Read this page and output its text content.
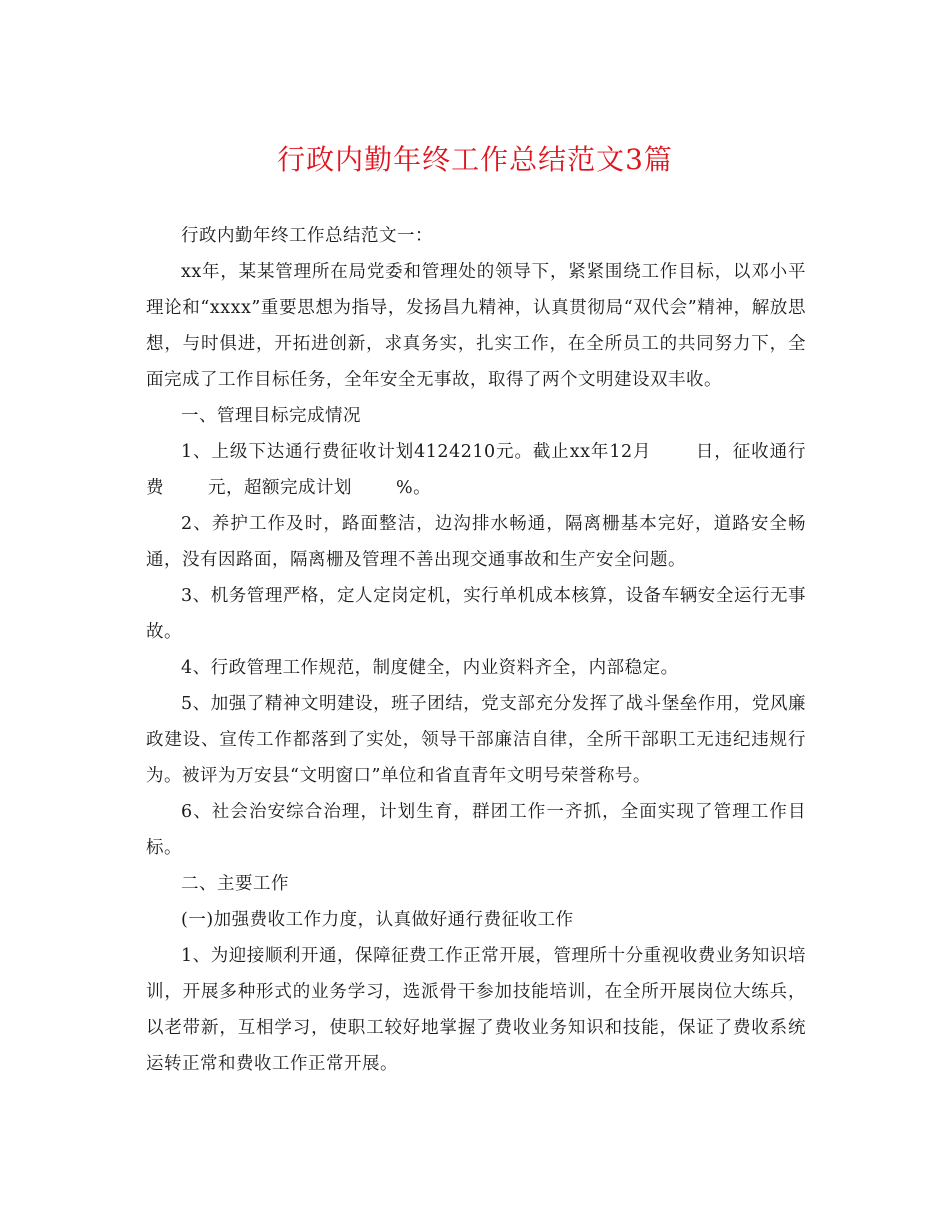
行政内勤年终工作总结范文3篇

行政内勤年终工作总结范文一：

xx年，某某管理所在局党委和管理处的领导下，紧紧围绕工作目标，以邓小平理论和“xxxx”重要思想为指导，发扬昌九精神，认真贯彻局“双代会”精神，解放思想，与时俱进，开拓进创新，求真务实，扎实工作，在全所员工的共同努力下，全面完成了工作目标任务，全年安全无事故，取得了两个文明建设双丰收。

一、管理目标完成情况

1、上级下达通行费征收计划4124210元。截止xx年12月	日，征收通行费	元，超额完成计划	%。

2、养护工作及时，路面整洁，边沟排水畅通，隔离栅基本完好，道路安全畅通，没有因路面，隔离栅及管理不善出现交通事故和生产安全问题。

3、机务管理严格，定人定岗定机，实行单机成本核算，设备车辆安全运行无事故。

4、行政管理工作规范，制度健全，内业资料齐全，内部稳定。

5、加强了精神文明建设，班子团结，党支部充分发挥了战斗堡垒作用，党风廉政建设、宣传工作都落到了实处，领导干部廉洁自律，全所干部职工无违纪违规行为。被评为万安县“文明窗口”单位和省直青年文明号荣誉称号。

6、社会治安综合治理，计划生育，群团工作一齐抓，全面实现了管理工作目标。

二、主要工作

(一)加强费收工作力度，认真做好通行费征收工作

1、为迎接顺利开通，保障征费工作正常开展，管理所十分重视收费业务知识培训，开展多种形式的业务学习，选派骨干参加技能培训，在全所开展岗位大练兵，以老带新，互相学习，使职工较好地掌握了费收业务知识和技能，保证了费收系统运转正常和费收工作正常开展。
